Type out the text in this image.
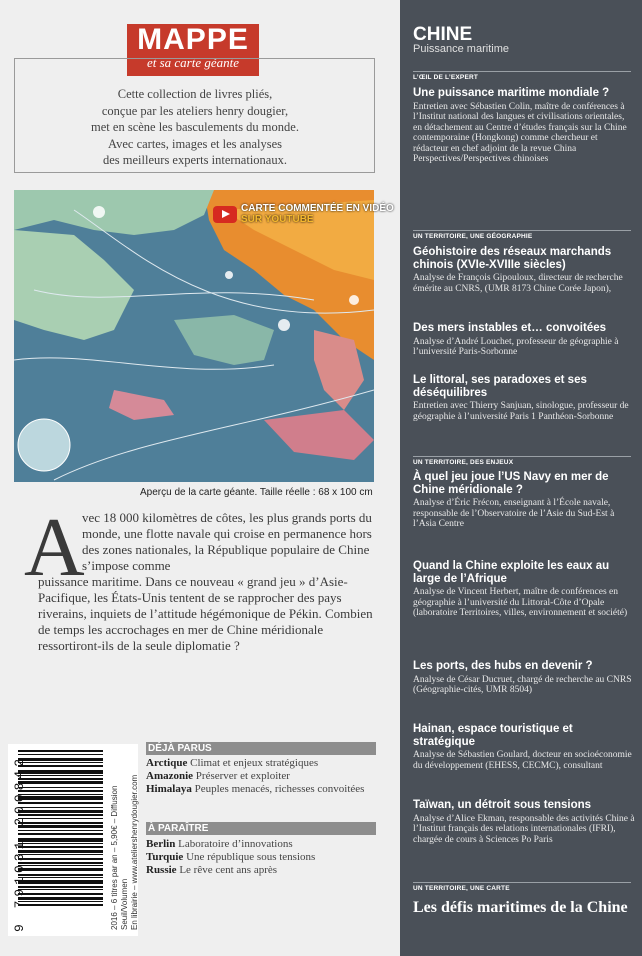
MAPPE
et sa carte géante
Cette collection de livres pliés,
conçue par les ateliers henry dougier,
met en scène les basculements du monde.
Avec cartes, images et les analyses
des meilleurs experts internationaux.
CARTE COMMENTÉE EN VIDÉO
SUR YOUTUBE
Aperçu de la carte géante. Taille réelle : 68 x 100 cm
A
vec 18 000 kilomètres de côtes, les plus grands ports du monde, une flotte navale qui croise en permanence hors des zones nationales, la République populaire de Chine s’impose comme
puissance maritime. Dans ce nouveau « grand jeu » d’Asie-Pacifique, les États-Unis tentent de se rapprocher des pays riverains, inquiets de l’attitude hégémonique de Pékin. Combien de temps les accrochages en mer de Chine méridionale ressortiront-ils de la seule diplomatie ?
9 791031 200842	2016 – 6 titres par an – 5,90€ – Diffusion Seuil/Volumen En librairie – www.ateliershenrydougier.com
DÉJÀ PARUS
Arctique Climat et enjeux stratégiques
Amazonie Préserver et exploiter
Himalaya Peuples menacés, richesses convoitées
À PARAÎTRE
Berlin Laboratoire d’innovations
Turquie Une république sous tensions
Russie Le rêve cent ans après
CHINE
Puissance maritime
L’ŒIL DE L’EXPERT
Une puissance maritime mondiale ?
Entretien avec Sébastien Colin, maître de conférences à l’Institut national des langues et civilisations orientales, en détachement au Centre d’études français sur la Chine contemporaine (Hongkong) comme chercheur et rédacteur en chef adjoint de la revue China Perspectives/Perspectives chinoises
UN TERRITOIRE, UNE GÉOGRAPHIE
Géohistoire des réseaux marchands chinois (XVIe-XVIIIe siècles)
Analyse de François Gipouloux, directeur de recherche émérite au CNRS, (UMR 8173 Chine Corée Japon),
Des mers instables et… convoitées
Analyse d’André Louchet, professeur de géographie à l’université Paris-Sorbonne
Le littoral, ses paradoxes et ses déséquilibres
Entretien avec Thierry Sanjuan, sinologue, professeur de géographie à l’université Paris 1 Panthéon-Sorbonne
UN TERRITOIRE, DES ENJEUX
À quel jeu joue l’US Navy en mer de Chine méridionale ?
Analyse d’Éric Frécon, enseignant à l’École navale, responsable de l’Observatoire de l’Asie du Sud-Est à l’Asia Centre
Quand la Chine exploite les eaux au large de l’Afrique
Analyse de Vincent Herbert, maître de conférences en géographie à l’université du Littoral-Côte d’Opale (laboratoire Territoires, villes, environnement et société)
Les ports, des hubs en devenir ?
Analyse de César Ducruet, chargé de recherche au CNRS (Géographie-cités, UMR 8504)
Hainan, espace touristique et stratégique
Analyse de Sébastien Goulard, docteur en socioéconomie du développement (EHESS, CECMC), consultant
Taïwan, un détroit sous tensions
Analyse d’Alice Ekman, responsable des activités Chine à l’Institut français des relations internationales (IFRI), chargée de cours à Sciences Po Paris
UN TERRITOIRE, UNE CARTE
Les défis maritimes de la Chine
